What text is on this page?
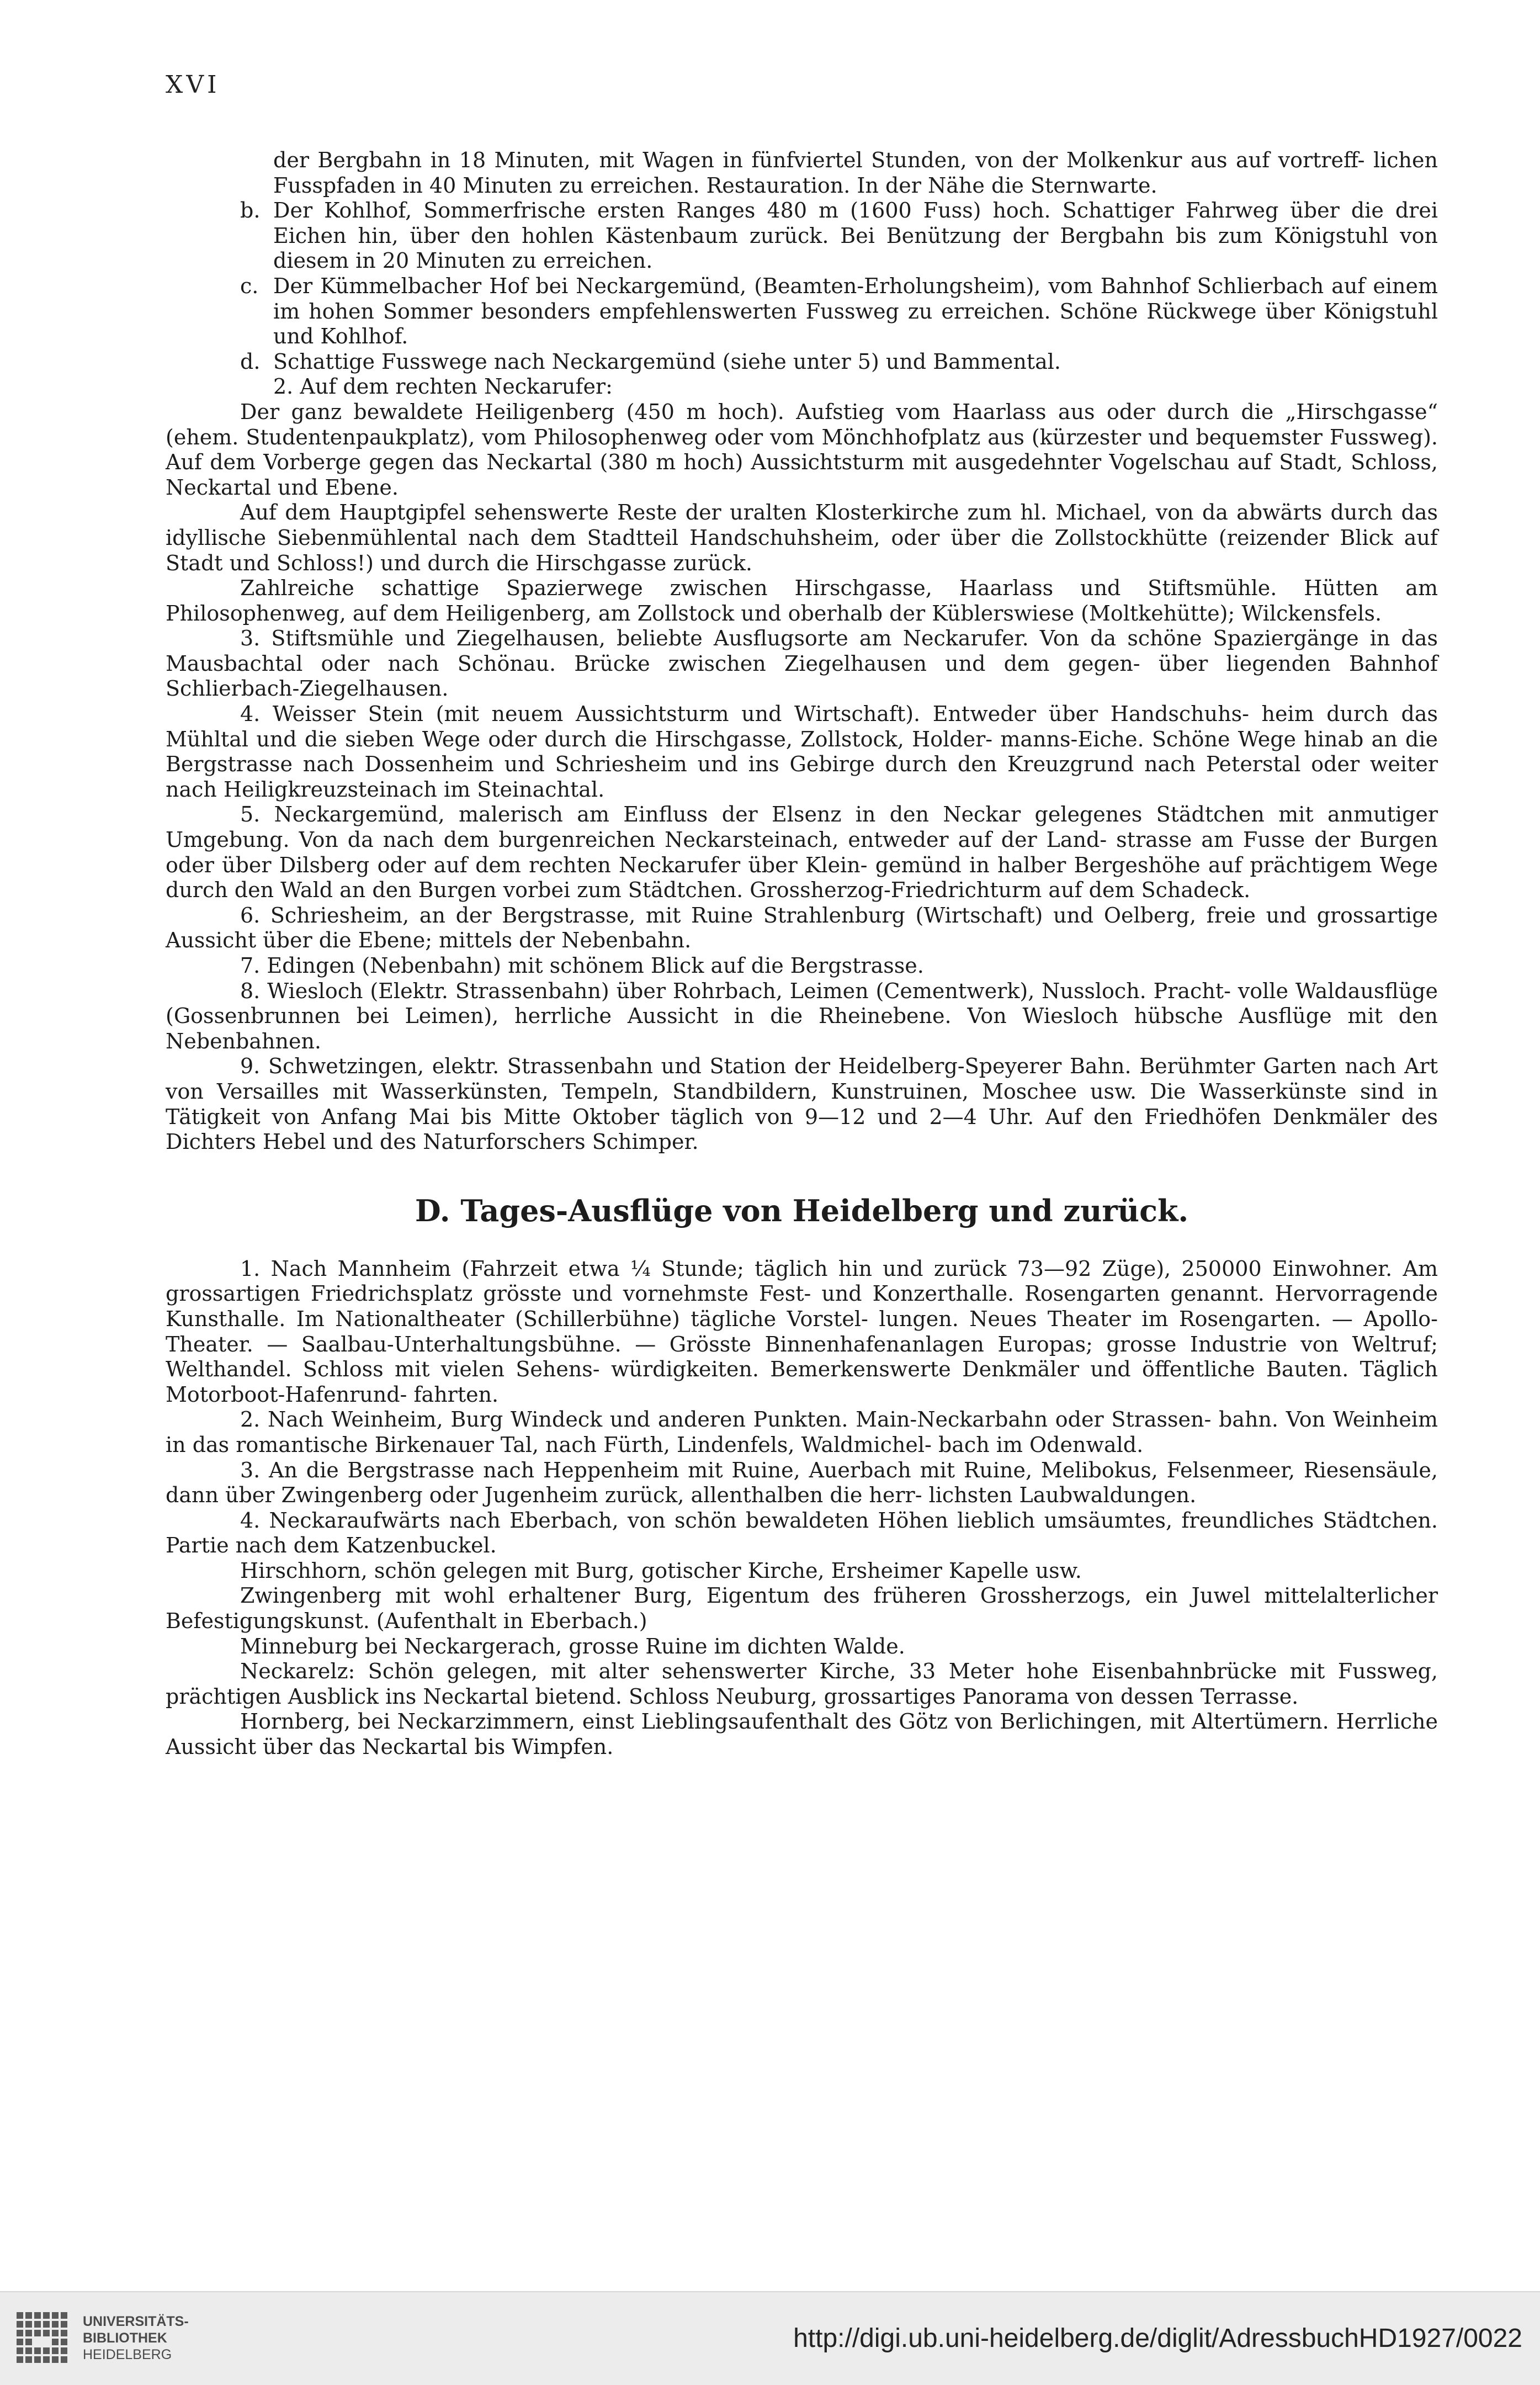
XVI

der Bergbahn in 18 Minuten, mit Wagen in fünfviertel Stunden, von der Molkenkur aus auf vortreff- lichen Fusspfaden in 40 Minuten zu erreichen. Restauration. In der Nähe die Sternwarte.

b. Der Kohlhof, Sommerfrische ersten Ranges 480 m (1600 Fuss) hoch. Schattiger Fahrweg über die drei Eichen hin, über den hohlen Kästenbaum zurück. Bei Benützung der Bergbahn bis zum Königstuhl von diesem in 20 Minuten zu erreichen.

c. Der Kümmelbacher Hof bei Neckargemünd, (Beamten-Erholungsheim), vom Bahnhof Schlierbach auf einem im hohen Sommer besonders empfehlenswerten Fussweg zu erreichen. Schöne Rückwege über Königstuhl und Kohlhof.

d. Schattige Fusswege nach Neckargemünd (siehe unter 5) und Bammental.

2. Auf dem rechten Neckarufer:

Der ganz bewaldete Heiligenberg (450 m hoch). Aufstieg vom Haarlass aus oder durch die „Hirschgasse“ (ehem. Studentenpaukplatz), vom Philosophenweg oder vom Mönchhofplatz aus (kürzester und bequemster Fussweg). Auf dem Vorberge gegen das Neckartal (380 m hoch) Aussichtsturm mit ausgedehnter Vogelschau auf Stadt, Schloss, Neckartal und Ebene.

Auf dem Hauptgipfel sehenswerte Reste der uralten Klosterkirche zum hl. Michael, von da abwärts durch das idyllische Siebenmühlental nach dem Stadtteil Handschuhsheim, oder über die Zollstockhütte (reizender Blick auf Stadt und Schloss!) und durch die Hirschgasse zurück.

Zahlreiche schattige Spazierwege zwischen Hirschgasse, Haarlass und Stiftsmühle. Hütten am Philosophenweg, auf dem Heiligenberg, am Zollstock und oberhalb der Küblerswiese (Moltkehütte); Wilckensfels.

3. Stiftsmühle und Ziegelhausen, beliebte Ausflugsorte am Neckarufer. Von da schöne Spaziergänge in das Mausbachtal oder nach Schönau. Brücke zwischen Ziegelhausen und dem gegen- über liegenden Bahnhof Schlierbach-Ziegelhausen.

4. Weisser Stein (mit neuem Aussichtsturm und Wirtschaft). Entweder über Handschuhs- heim durch das Mühltal und die sieben Wege oder durch die Hirschgasse, Zollstock, Holder- manns-Eiche. Schöne Wege hinab an die Bergstrasse nach Dossenheim und Schriesheim und ins Gebirge durch den Kreuzgrund nach Peterstal oder weiter nach Heiligkreuzsteinach im Steinachtal.

5. Neckargemünd, malerisch am Einfluss der Elsenz in den Neckar gelegenes Städtchen mit anmutiger Umgebung. Von da nach dem burgenreichen Neckarsteinach, entweder auf der Land- strasse am Fusse der Burgen oder über Dilsberg oder auf dem rechten Neckarufer über Klein- gemünd in halber Bergeshöhe auf prächtigem Wege durch den Wald an den Burgen vorbei zum Städtchen. Grossherzog-Friedrichturm auf dem Schadeck.

6. Schriesheim, an der Bergstrasse, mit Ruine Strahlenburg (Wirtschaft) und Oelberg, freie und grossartige Aussicht über die Ebene; mittels der Nebenbahn.

7. Edingen (Nebenbahn) mit schönem Blick auf die Bergstrasse.

8. Wiesloch (Elektr. Strassenbahn) über Rohrbach, Leimen (Cementwerk), Nussloch. Pracht- volle Waldausflüge (Gossenbrunnen bei Leimen), herrliche Aussicht in die Rheinebene. Von Wiesloch hübsche Ausflüge mit den Nebenbahnen.

9. Schwetzingen, elektr. Strassenbahn und Station der Heidelberg-Speyerer Bahn. Berühmter Garten nach Art von Versailles mit Wasserkünsten, Tempeln, Standbildern, Kunstruinen, Moschee usw. Die Wasserkünste sind in Tätigkeit von Anfang Mai bis Mitte Oktober täglich von 9—12 und 2—4 Uhr. Auf den Friedhöfen Denkmäler des Dichters Hebel und des Naturforschers Schimper.

D. Tages-Ausflüge von Heidelberg und zurück.

1. Nach Mannheim (Fahrzeit etwa ¼ Stunde; täglich hin und zurück 73—92 Züge), 250000 Einwohner. Am grossartigen Friedrichsplatz grösste und vornehmste Fest- und Konzerthalle. Rosengarten genannt. Hervorragende Kunsthalle. Im Nationaltheater (Schillerbühne) tägliche Vorstel- lungen. Neues Theater im Rosengarten. — Apollo-Theater. — Saalbau-Unterhaltungsbühne. — Grösste Binnenhafenanlagen Europas; grosse Industrie von Weltruf; Welthandel. Schloss mit vielen Sehens- würdigkeiten. Bemerkenswerte Denkmäler und öffentliche Bauten. Täglich Motorboot-Hafenrund- fahrten.

2. Nach Weinheim, Burg Windeck und anderen Punkten. Main-Neckarbahn oder Strassen- bahn. Von Weinheim in das romantische Birkenauer Tal, nach Fürth, Lindenfels, Waldmichel- bach im Odenwald.

3. An die Bergstrasse nach Heppenheim mit Ruine, Auerbach mit Ruine, Melibokus, Felsenmeer, Riesensäule, dann über Zwingenberg oder Jugenheim zurück, allenthalben die herr- lichsten Laubwaldungen.

4. Neckaraufwärts nach Eberbach, von schön bewaldeten Höhen lieblich umsäumtes, freundliches Städtchen. Partie nach dem Katzenbuckel.

Hirschhorn, schön gelegen mit Burg, gotischer Kirche, Ersheimer Kapelle usw.

Zwingenberg mit wohl erhaltener Burg, Eigentum des früheren Grossherzogs, ein Juwel mittelalterlicher Befestigungskunst. (Aufenthalt in Eberbach.)

Minneburg bei Neckargerach, grosse Ruine im dichten Walde.

Neckarelz: Schön gelegen, mit alter sehenswerter Kirche, 33 Meter hohe Eisenbahnbrücke mit Fussweg, prächtigen Ausblick ins Neckartal bietend. Schloss Neuburg, grossartiges Panorama von dessen Terrasse.

Hornberg, bei Neckarzimmern, einst Lieblingsaufenthalt des Götz von Berlichingen, mit Altertümern. Herrliche Aussicht über das Neckartal bis Wimpfen.

UNIVERSITÄTS-
BIBLIOTHEK
HEIDELBERG
http://digi.ub.uni-heidelberg.de/diglit/AdressbuchHD1927/0022
